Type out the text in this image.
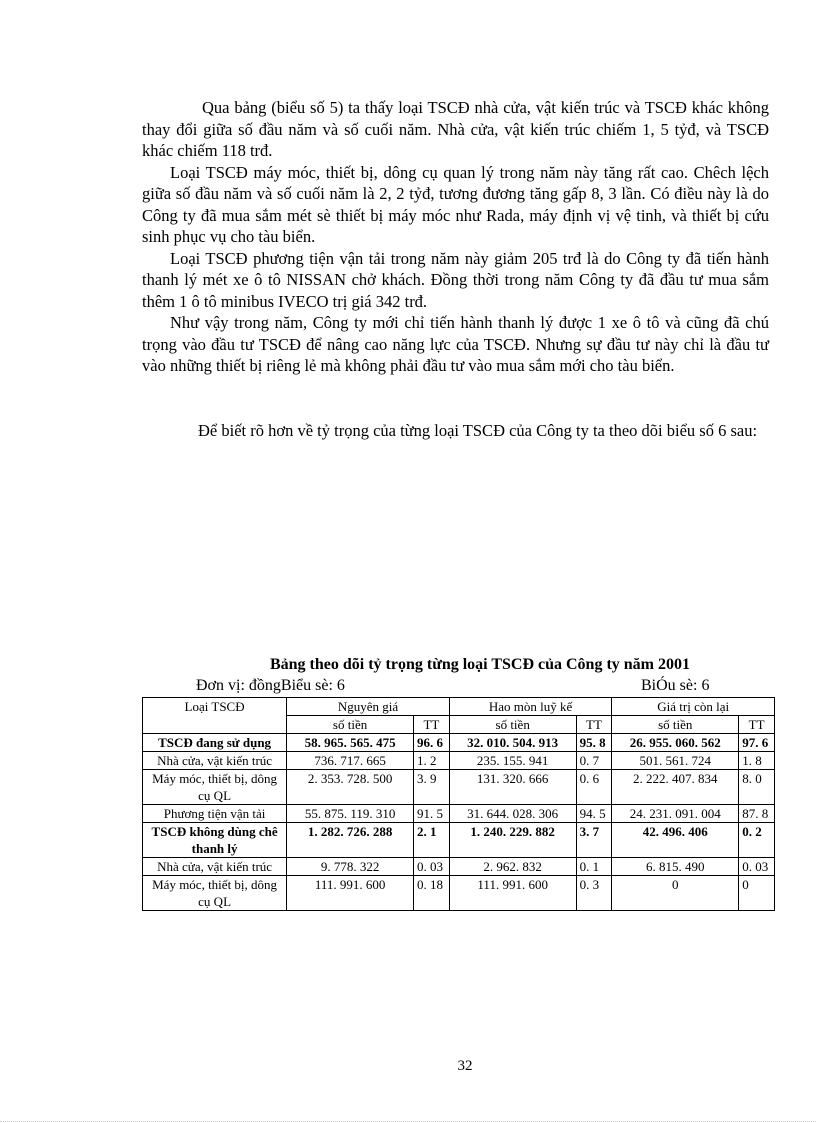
Qua bảng (biểu số 5) ta thấy loại TSCĐ nhà cửa, vật kiến trúc và TSCĐ khác không thay đổi giữa số đầu năm và số cuối năm. Nhà cửa, vật kiến trúc chiếm 1, 5 tỷđ, và TSCĐ khác chiếm 118 trđ.

Loại TSCĐ máy móc, thiết bị, dông cụ quan lý trong năm này tăng rất cao. Chêch lệch giữa số đầu năm và số cuối năm là 2, 2 tỷđ, tương đương tăng gấp 8, 3 lần. Có điều này là do Công ty đã mua sắm mét sè thiết bị máy móc như Rada, máy định vị vệ tinh, và thiết bị cứu sinh phục vụ cho tàu biển.

Loại TSCĐ phương tiện vận tải trong năm này giảm 205 trđ là do Công ty đã tiến hành thanh lý mét xe ô tô NISSAN chở khách. Đồng thời trong năm Công ty đã đầu tư mua sắm thêm 1 ô tô minibus IVECO trị giá 342 trđ.

Như vậy trong năm, Công ty mới chỉ tiến hành thanh lý được 1 xe ô tô và cũng đã chú trọng vào đầu tư TSCĐ để nâng cao năng lực của TSCĐ. Nhưng sự đầu tư này chỉ là đầu tư vào những thiết bị riêng lẻ mà không phải đầu tư vào mua sắm mới cho tàu biển.

Để biết rõ hơn về tỷ trọng của từng loại TSCĐ của Công ty ta theo dõi biểu số 6 sau:

Bảng theo dõi tỷ trọng từng loại TSCĐ của Công ty năm 2001
Đơn vị: đồngBiểu sè: 6	BiÓu sè: 6
Loại TSCĐ	Nguyên giá		Hao mòn luỹ kế		Giá trị còn lại	
	số tiền	TT	số tiền	TT	số tiền	TT
TSCĐ đang sử dụng	58. 965. 565. 475	96. 6	32. 010. 504. 913	95. 8	26. 955. 060. 562	97. 6
Nhà cửa, vật kiến trúc	736. 717. 665	1. 2	235. 155. 941	0. 7	501. 561. 724	1. 8
Máy móc, thiết bị, dông cụ QL	2. 353. 728. 500	3. 9	131. 320. 666	0. 6	2. 222. 407. 834	8. 0
Phương tiện vận tải	55. 875. 119. 310	91. 5	31. 644. 028. 306	94. 5	24. 231. 091. 004	87. 8
TSCĐ không dùng chê thanh lý	1. 282. 726. 288	2. 1	1. 240. 229. 882	3. 7	42. 496. 406	0. 2
Nhà cửa, vật kiến trúc	9. 778. 322	0. 03	2. 962. 832	0. 1	6. 815. 490	0. 03
Máy móc, thiết bị, dông cụ QL	111. 991. 600	0. 18	111. 991. 600	0. 3	0	0
32
